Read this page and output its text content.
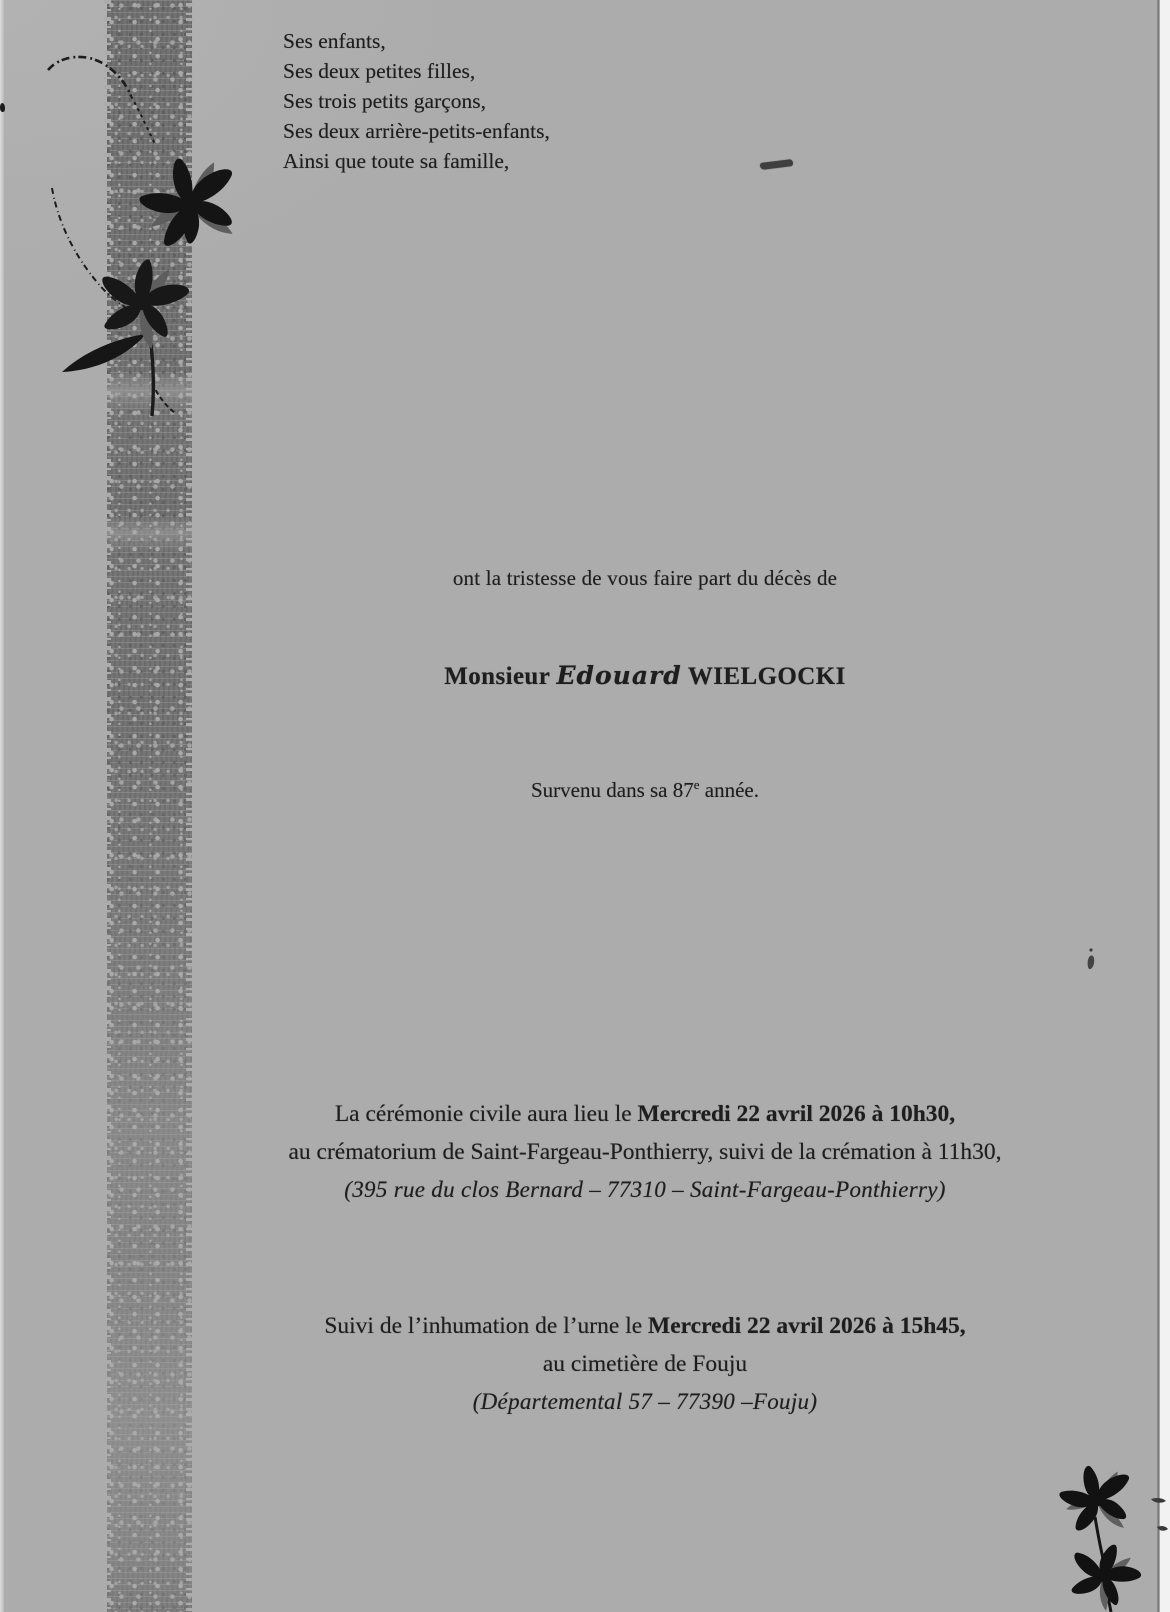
Ses enfants,
Ses deux petites filles,
Ses trois petits garçons,
Ses deux arrière-petits-enfants,
Ainsi que toute sa famille,
ont la tristesse de vous faire part du décès de
Monsieur Edouard WIELGOCKI
Survenu dans sa 87e année.
La cérémonie civile aura lieu le Mercredi 22 avril 2026 à 10h30,
au crématorium de Saint-Fargeau-Ponthierry, suivi de la crémation à 11h30,
(395 rue du clos Bernard – 77310 – Saint-Fargeau-Ponthierry)
Suivi de l’inhumation de l’urne le Mercredi 22 avril 2026 à 15h45,
au cimetière de Fouju
(Départemental 57 – 77390 –Fouju)
